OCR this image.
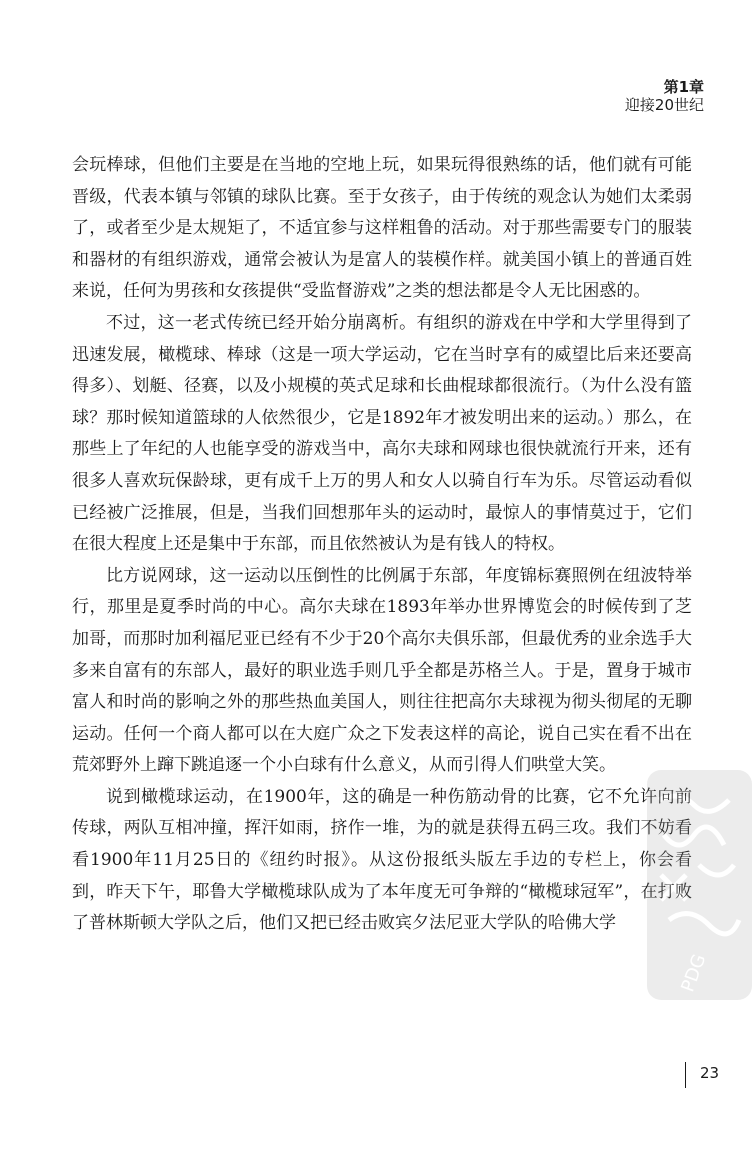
第1章
迎接20世纪

会玩棒球，但他们主要是在当地的空地上玩，如果玩得很熟练的话，他们就有可能晋级，代表本镇与邻镇的球队比赛。至于女孩子，由于传统的观念认为她们太柔弱了，或者至少是太规矩了，不适宜参与这样粗鲁的活动。对于那些需要专门的服装和器材的有组织游戏，通常会被认为是富人的装模作样。就美国小镇上的普通百姓来说，任何为男孩和女孩提供“受监督游戏”之类的想法都是令人无比困惑的。

不过，这一老式传统已经开始分崩离析。有组织的游戏在中学和大学里得到了迅速发展，橄榄球、棒球（这是一项大学运动，它在当时享有的威望比后来还要高得多）、划艇、径赛，以及小规模的英式足球和长曲棍球都很流行。（为什么没有篮球？那时候知道篮球的人依然很少，它是1892年才被发明出来的运动。）那么，在那些上了年纪的人也能享受的游戏当中，高尔夫球和网球也很快就流行开来，还有很多人喜欢玩保龄球，更有成千上万的男人和女人以骑自行车为乐。尽管运动看似已经被广泛推展，但是，当我们回想那年头的运动时，最惊人的事情莫过于，它们在很大程度上还是集中于东部，而且依然被认为是有钱人的特权。

比方说网球，这一运动以压倒性的比例属于东部，年度锦标赛照例在纽波特举行，那里是夏季时尚的中心。高尔夫球在1893年举办世界博览会的时候传到了芝加哥，而那时加利福尼亚已经有不少于20个高尔夫俱乐部，但最优秀的业余选手大多来自富有的东部人，最好的职业选手则几乎全都是苏格兰人。于是，置身于城市富人和时尚的影响之外的那些热血美国人，则往往把高尔夫球视为彻头彻尾的无聊运动。任何一个商人都可以在大庭广众之下发表这样的高论，说自己实在看不出在荒郊野外上蹿下跳追逐一个小白球有什么意义，从而引得人们哄堂大笑。

说到橄榄球运动，在1900年，这的确是一种伤筋动骨的比赛，它不允许向前传球，两队互相冲撞，挥汗如雨，挤作一堆，为的就是获得五码三攻。我们不妨看看1900年11月25日的《纽约时报》。从这份报纸头版左手边的专栏上，你会看到，昨天下午，耶鲁大学橄榄球队成为了本年度无可争辩的“橄榄球冠军”，在打败了普林斯顿大学队之后，他们又把已经击败宾夕法尼亚大学队的哈佛大学

PDG
23
